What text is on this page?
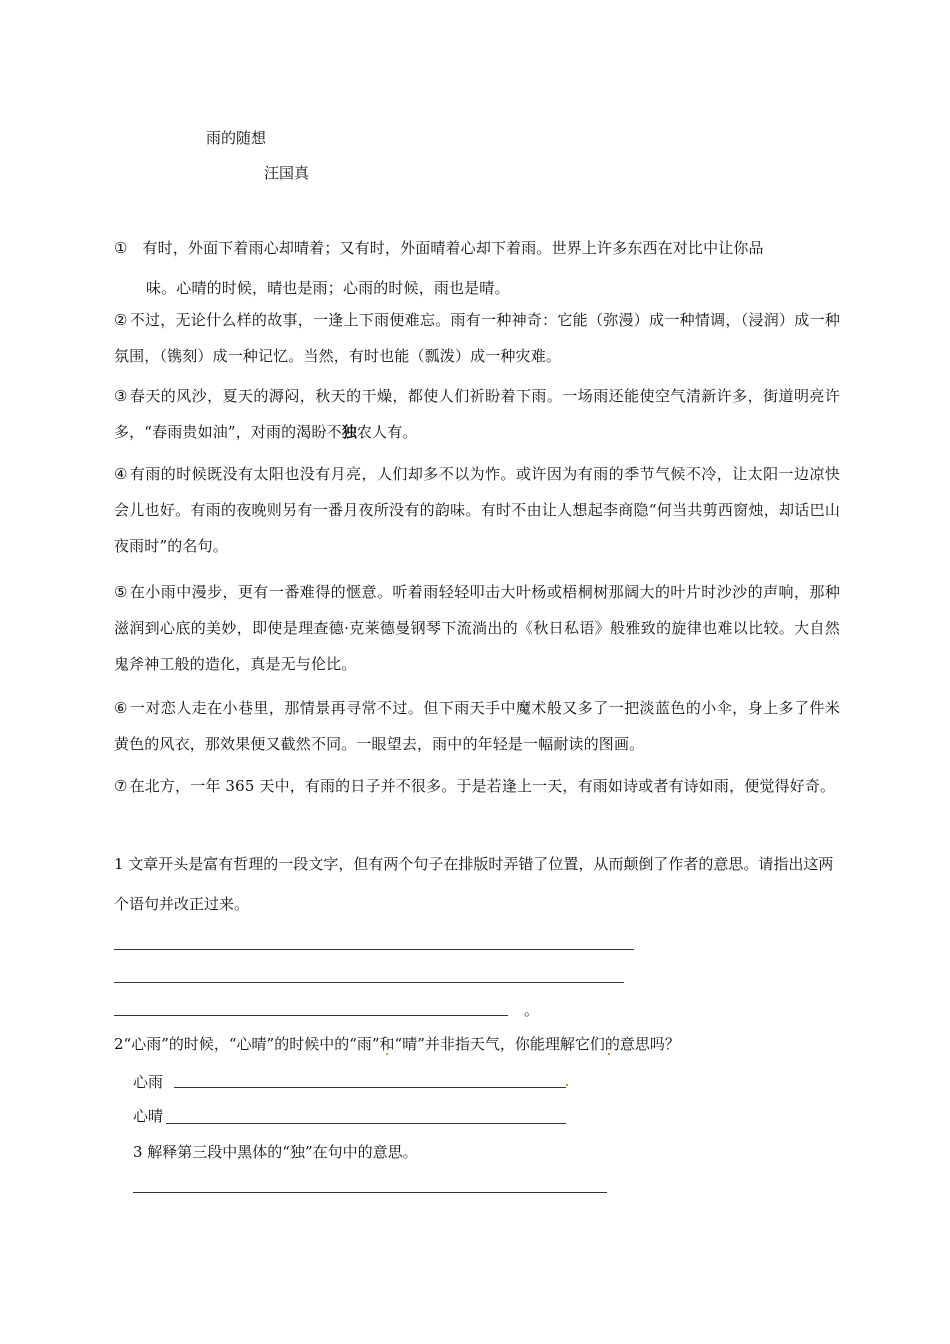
雨的随想
汪国真
① 有时，外面下着雨心却晴着；又有时，外面晴着心却下着雨。世界上许多东西在对比中让你品
味。心晴的时候，晴也是雨；心雨的时候，雨也是晴。
② 不过，无论什么样的故事，一逢上下雨便难忘。雨有一种神奇：它能（弥漫）成一种情调，（浸润）成一种氛围，（镌刻）成一种记忆。当然，有时也能（瓢泼）成一种灾难。
③ 春天的风沙，夏天的溽闷，秋天的干燥，都使人们祈盼着下雨。一场雨还能使空气清新许多，街道明亮许多，“春雨贵如油”，对雨的渴盼不独农人有。
④ 有雨的时候既没有太阳也没有月亮，人们却多不以为怍。或许因为有雨的季节气候不冷，让太阳一边凉快会儿也好。有雨的夜晚则另有一番月夜所没有的韵味。有时不由让人想起李商隐“何当共剪西窗烛，却话巴山夜雨时”的名句。
⑤ 在小雨中漫步，更有一番难得的惬意。听着雨轻轻叩击大叶杨或梧桐树那阔大的叶片时沙沙的声响，那种滋润到心底的美妙，即使是理查德·克莱德曼钢琴下流淌出的《秋日私语》般雅致的旋律也难以比较。大自然鬼斧神工般的造化，真是无与伦比。
⑥ 一对恋人走在小巷里，那情景再寻常不过。但下雨天手中魔术般又多了一把淡蓝色的小伞，身上多了件米黄色的风衣，那效果便又截然不同。一眼望去，雨中的年轻是一幅耐读的图画。
⑦ 在北方，一年 365 天中，有雨的日子并不很多。于是若逢上一天，有雨如诗或者有诗如雨，便觉得好奇。
1 文章开头是富有哲理的一段文字，但有两个句子在排版时弄错了位置，从而颠倒了作者的意思。请指出这两个语句并改正过来。
。
2“心雨”的时候，“心晴”的时候中的“雨”和“晴”并非指天气，你能理解它们的意思吗？
心雨
心晴
3 解释第三段中黑体的“独”在句中的意思。
